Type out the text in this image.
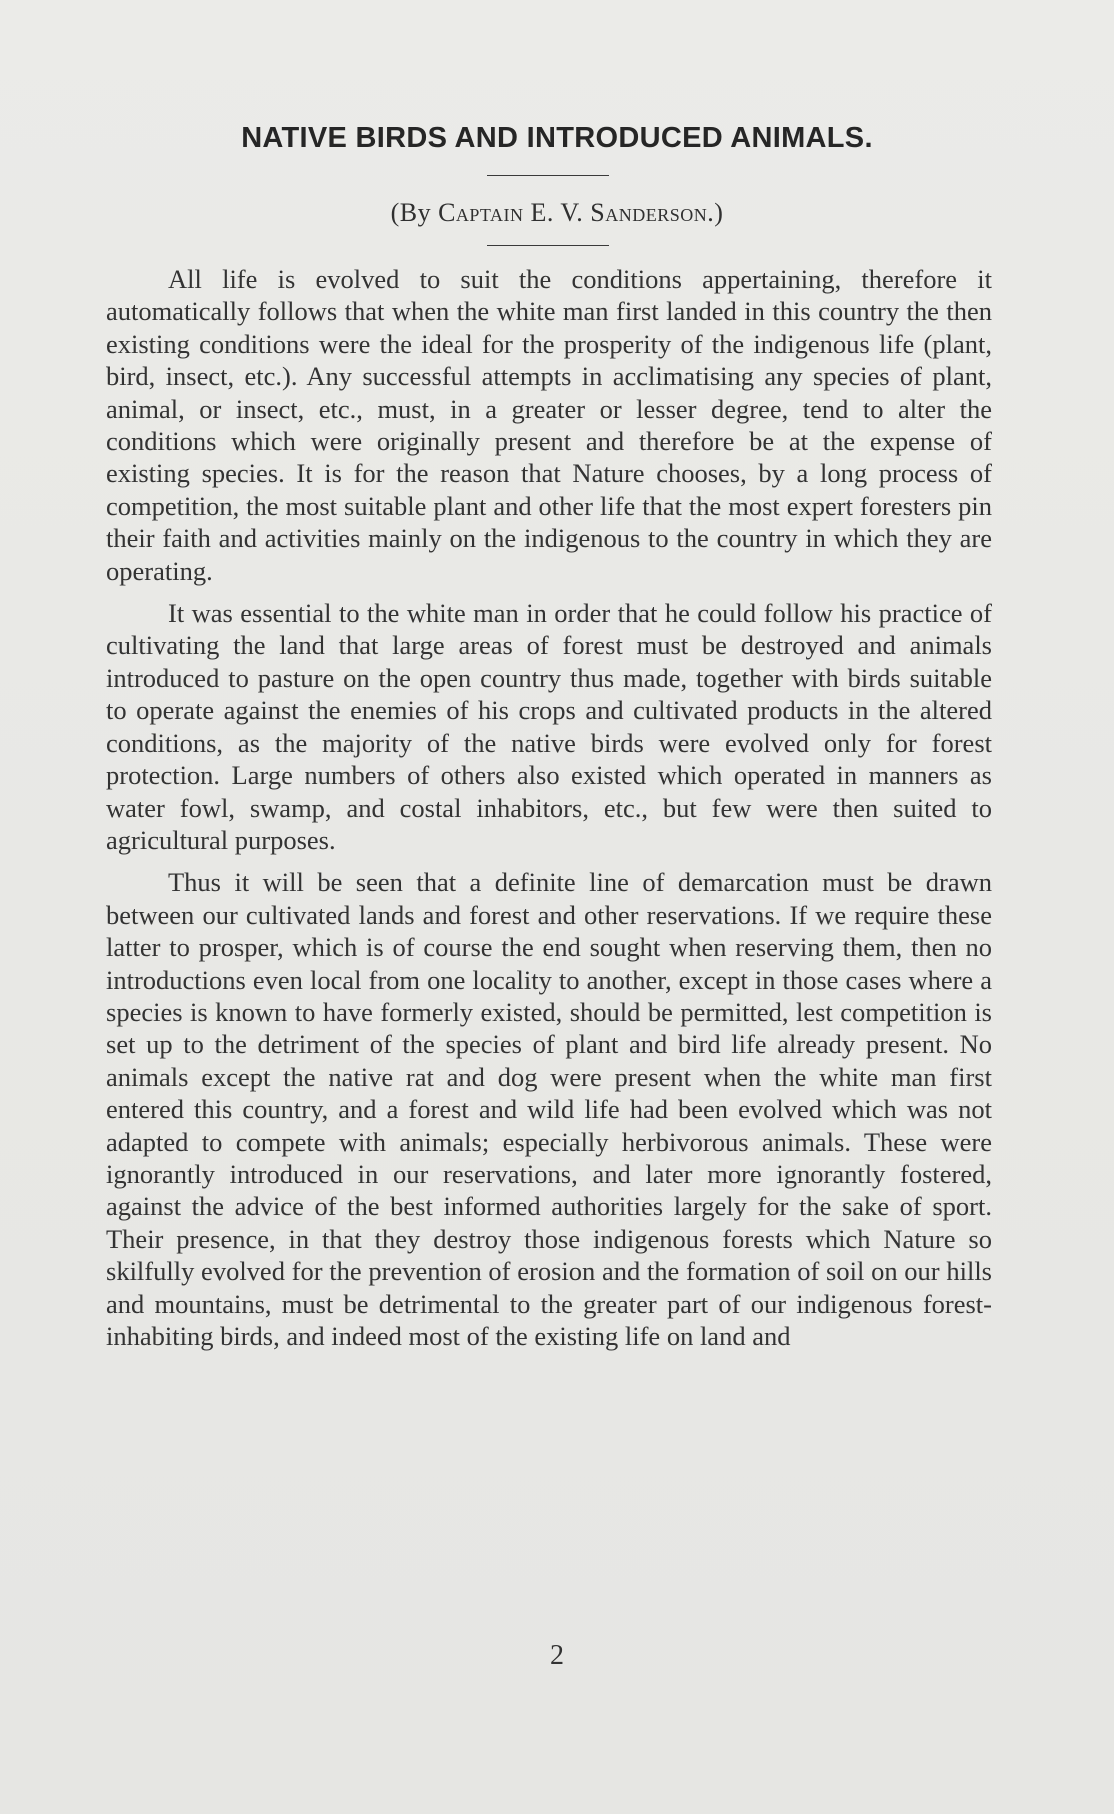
NATIVE BIRDS AND INTRODUCED ANIMALS.
(By Captain E. V. Sanderson.)

All life is evolved to suit the conditions appertaining, therefore it automatically follows that when the white man first landed in this country the then existing conditions were the ideal for the prosperity of the indigenous life (plant, bird, insect, etc.). Any successful attempts in acclimatising any species of plant, animal, or insect, etc., must, in a greater or lesser degree, tend to alter the conditions which were originally present and therefore be at the expense of existing species. It is for the reason that Nature chooses, by a long process of competition, the most suitable plant and other life that the most expert foresters pin their faith and activities mainly on the indigenous to the country in which they are operating.

It was essential to the white man in order that he could follow his practice of cultivating the land that large areas of forest must be destroyed and animals introduced to pasture on the open country thus made, together with birds suitable to operate against the enemies of his crops and cultivated products in the altered conditions, as the majority of the native birds were evolved only for forest protection. Large numbers of others also existed which operated in manners as water fowl, swamp, and costal inhabitors, etc., but few were then suited to agricultural purposes.

Thus it will be seen that a definite line of demarcation must be drawn between our cultivated lands and forest and other reservations. If we require these latter to prosper, which is of course the end sought when reserving them, then no introductions even local from one locality to another, except in those cases where a species is known to have formerly existed, should be permitted, lest competition is set up to the detriment of the species of plant and bird life already present. No animals except the native rat and dog were present when the white man first entered this country, and a forest and wild life had been evolved which was not adapted to compete with animals; especially herbivorous animals. These were ignorantly introduced in our reservations, and later more ignorantly fostered, against the advice of the best informed authorities largely for the sake of sport. Their presence, in that they destroy those indigenous forests which Nature so skilfully evolved for the prevention of erosion and the formation of soil on our hills and mountains, must be detrimental to the greater part of our indigenous forest-inhabiting birds, and indeed most of the existing life on land and

2
